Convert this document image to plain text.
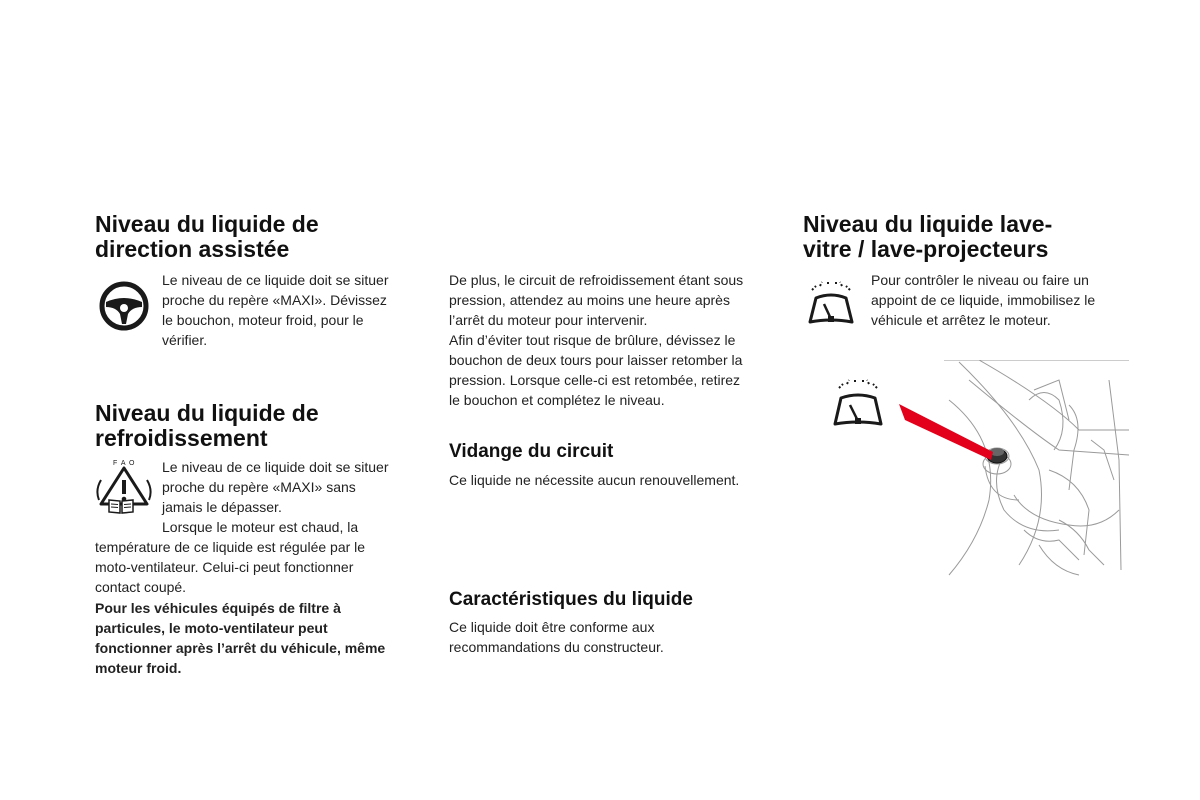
Niveau du liquide de
direction assistée
Le niveau de ce liquide doit se situer
proche du repère «MAXI». Dévissez
le bouchon, moteur froid, pour le
vérifier.
Niveau du liquide de
refroidissement
F A O Le niveau de ce liquide doit se situer
proche du repère «MAXI» sans
jamais le dépasser.
Lorsque le moteur est chaud, la
température de ce liquide est régulée par le
moto-ventilateur. Celui-ci peut fonctionner
contact coupé.
Pour les véhicules équipés de filtre à
particules, le moto-ventilateur peut
fonctionner après l’arrêt du véhicule, même
moteur froid.
De plus, le circuit de refroidissement étant sous
pression, attendez au moins une heure après
l’arrêt du moteur pour intervenir.
Afin d’éviter tout risque de brûlure, dévissez le
bouchon de deux tours pour laisser retomber la
pression. Lorsque celle-ci est retombée, retirez
le bouchon et complétez le niveau.
Vidange du circuit
Ce liquide ne nécessite aucun renouvellement.
Caractéristiques du liquide
Ce liquide doit être conforme aux
recommandations du constructeur.
Niveau du liquide lave-
vitre / lave-projecteurs
Pour contrôler le niveau ou faire un
appoint de ce liquide, immobilisez le
véhicule et arrêtez le moteur.
